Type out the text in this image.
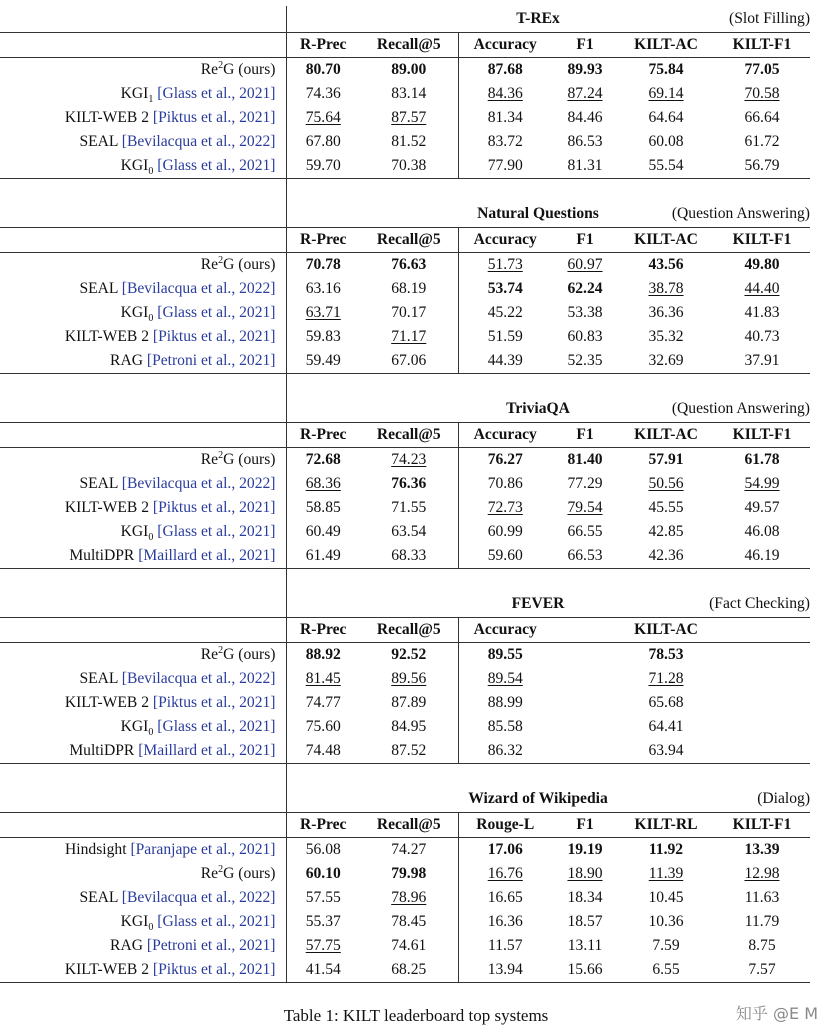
			T-REx		(Slot Filling)	
	R-Prec	Recall@5	Accuracy	F1	KILT-AC	KILT-F1
Re$^2$G (ours)	80.70	89.00	87.68	89.93	75.84	77.05
$KGI_1$ [Glass et al., 2021]	74.36	83.14	84.36	87.24	69.14	70.58
KILT-WEB 2 [Piktus et al., 2021]	75.64	87.57	81.34	84.46	64.64	66.64
SEAL [Bevilacqua et al., 2022]	67.80	81.52	83.72	86.53	60.08	61.72
$KGI_0$ [Glass et al., 2021]	59.70	70.38	77.90	81.31	55.54	56.79

			Natural Questions		(Question Answering)	
	R-Prec	Recall@5	Accuracy	F1	KILT-AC	KILT-F1
Re$^2$G (ours)	70.78	76.63	51.73	60.97	43.56	49.80
SEAL [Bevilacqua et al., 2022]	63.16	68.19	53.74	62.24	38.78	44.40
$KGI_0$ [Glass et al., 2021]	63.71	70.17	45.22	53.38	36.36	41.83
KILT-WEB 2 [Piktus et al., 2021]	59.83	71.17	51.59	60.83	35.32	40.73
RAG [Petroni et al., 2021]	59.49	67.06	44.39	52.35	32.69	37.91

			TriviaQA		(Question Answering)	
	R-Prec	Recall@5	Accuracy	F1	KILT-AC	KILT-F1
Re$^2$G (ours)	72.68	74.23	76.27	81.40	57.91	61.78
SEAL [Bevilacqua et al., 2022]	68.36	76.36	70.86	77.29	50.56	54.99
KILT-WEB 2 [Piktus et al., 2021]	58.85	71.55	72.73	79.54	45.55	49.57
$KGI_0$ [Glass et al., 2021]	60.49	63.54	60.99	66.55	42.85	46.08
MultiDPR [Maillard et al., 2021]	61.49	68.33	59.60	66.53	42.36	46.19

			FEVER		(Fact Checking)	
	R-Prec	Recall@5	Accuracy		KILT-AC	
Re$^2$G (ours)	88.92	92.52	89.55		78.53	
SEAL [Bevilacqua et al., 2022]	81.45	89.56	89.54		71.28	
KILT-WEB 2 [Piktus et al., 2021]	74.77	87.89	88.99		65.68	
$KGI_0$ [Glass et al., 2021]	75.60	84.95	85.58		64.41	
MultiDPR [Maillard et al., 2021]	74.48	87.52	86.32		63.94	

			Wizard of Wikipedia		(Dialog)	
	R-Prec	Recall@5	Rouge-L	F1	KILT-RL	KILT-F1
Hindsight [Paranjape et al., 2021]	56.08	74.27	17.06	19.19	11.92	13.39
Re$^2$G (ours)	60.10	79.98	16.76	18.90	11.39	12.98
SEAL [Bevilacqua et al., 2022]	57.55	78.96	16.65	18.34	10.45	11.63
$KGI_0$ [Glass et al., 2021]	55.37	78.45	16.36	18.57	10.36	11.79
RAG [Petroni et al., 2021]	57.75	74.61	11.57	13.11	7.59	8.75
KILT-WEB 2 [Piktus et al., 2021]	41.54	68.25	13.94	15.66	6.55	7.57
Table 1: KILT leaderboard top systems	知乎 @E M
